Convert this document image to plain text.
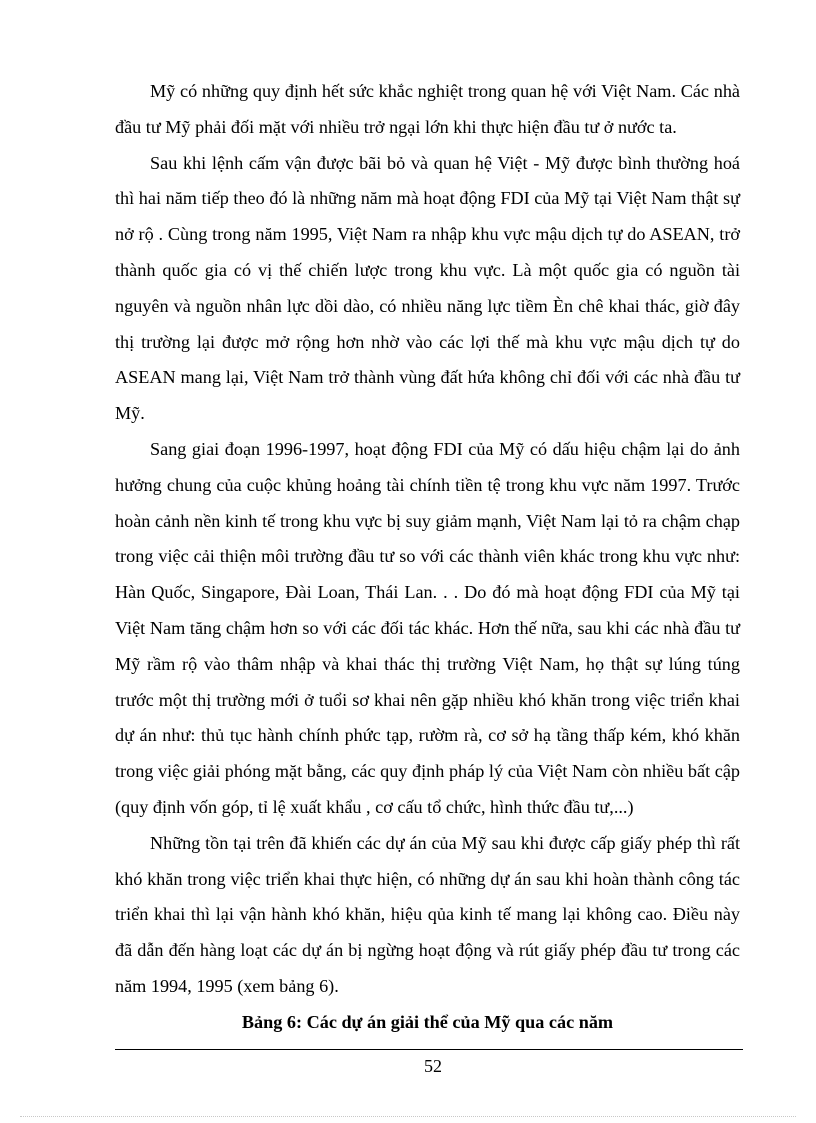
Mỹ có những quy định hết sức khắc nghiệt trong quan hệ với Việt Nam. Các nhà đầu tư Mỹ phải đối mặt với nhiều trở ngại lớn khi thực hiện đầu tư ở nước ta.

Sau khi lệnh cấm vận được bãi bỏ và quan hệ Việt - Mỹ được bình thường hoá thì hai năm tiếp theo đó là những năm mà hoạt động FDI của Mỹ tại Việt Nam thật sự nở rộ . Cùng trong năm 1995, Việt Nam ra nhập khu vực mậu dịch tự do ASEAN, trở thành quốc gia có vị thế chiến lược trong khu vực. Là một quốc gia có nguồn tài nguyên và nguồn nhân lực dồi dào, có nhiều năng lực tiềm Èn chê khai thác, giờ đây thị trường lại được mở rộng hơn nhờ vào các lợi thế mà khu vực mậu dịch tự do ASEAN mang lại, Việt Nam trở thành vùng đất hứa không chỉ đối với các nhà đầu tư Mỹ.

Sang giai đoạn 1996-1997, hoạt động FDI của Mỹ có dấu hiệu chậm lại do ảnh hưởng chung của cuộc khủng hoảng tài chính tiền tệ trong khu vực năm 1997. Trước hoàn cảnh nền kinh tế trong khu vực bị suy giảm mạnh, Việt Nam lại tỏ ra chậm chạp trong việc cải thiện môi trường đầu tư so với các thành viên khác trong khu vực như: Hàn Quốc, Singapore, Đài Loan, Thái Lan. . . Do đó mà hoạt động FDI của Mỹ tại Việt Nam tăng chậm hơn so với các đối tác khác. Hơn thế nữa, sau khi các nhà đầu tư Mỹ rầm rộ vào thâm nhập và khai thác thị trường Việt Nam, họ thật sự lúng túng trước một thị trường mới ở tuổi sơ khai nên gặp nhiều khó khăn trong việc triển khai dự án như: thủ tục hành chính phức tạp, rườm rà, cơ sở hạ tầng thấp kém, khó khăn trong việc giải phóng mặt bằng, các quy định pháp lý của Việt Nam còn nhiều bất cập (quy định vốn góp, tỉ lệ xuất khẩu , cơ cấu tổ chức, hình thức đầu tư,...)

Những tồn tại trên đã khiến các dự án của Mỹ sau khi được cấp giấy phép thì rất khó khăn trong việc triển khai thực hiện, có những dự án sau khi hoàn thành công tác triển khai thì lại vận hành khó khăn, hiệu qủa kinh tế mang lại không cao. Điều này đã dẫn đến hàng loạt các dự án bị ngừng hoạt động và rút giấy phép đầu tư trong các năm 1994, 1995 (xem bảng 6).

Bảng 6: Các dự án giải thể của Mỹ qua các năm

52
